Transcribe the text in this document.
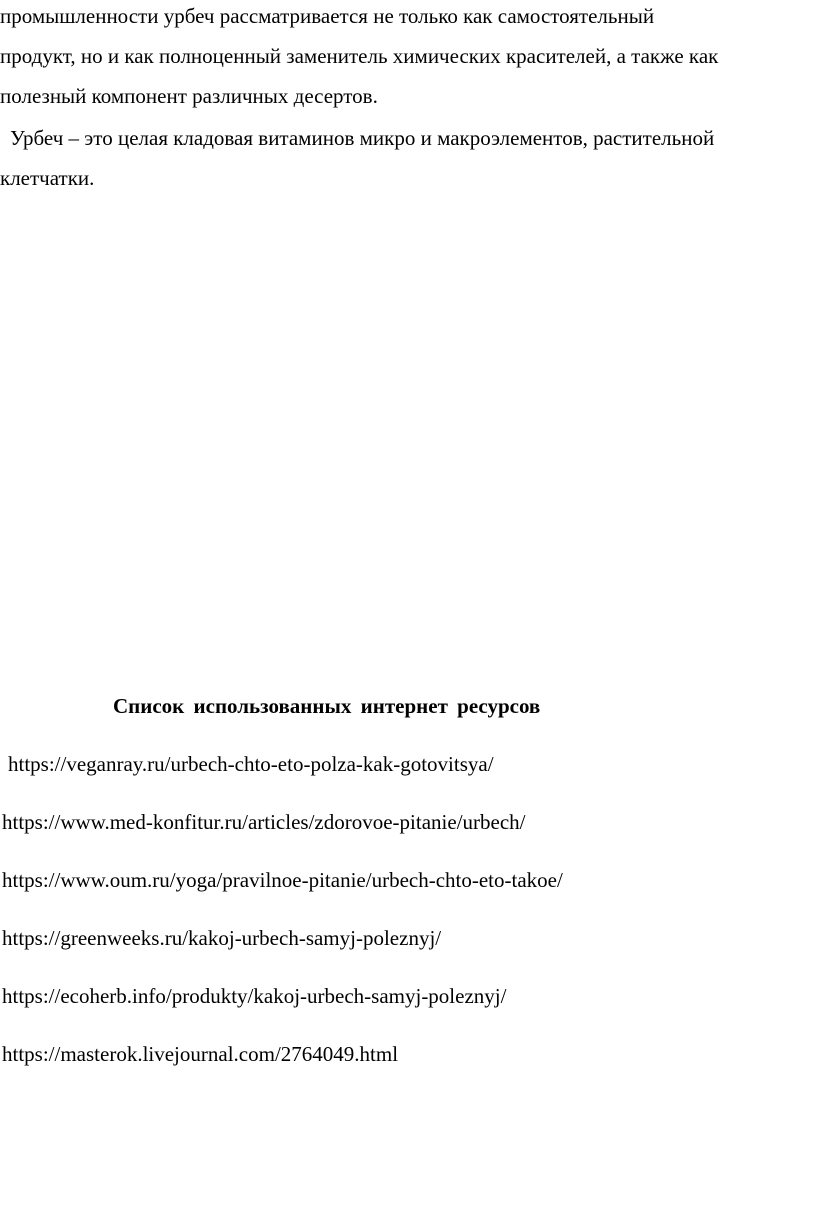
промышленности урбеч рассматривается не только как самостоятельный
продукт, но и как полноценный заменитель химических красителей, а также как
полезный компонент различных десертов.
Урбеч – это целая кладовая витаминов микро и макроэлементов, растительной
клетчатки.
Список использованных интернет ресурсов
https://veganray.ru/urbech-chto-eto-polza-kak-gotovitsya/
https://www.med-konfitur.ru/articles/zdorovoe-pitanie/urbech/
https://www.oum.ru/yoga/pravilnoe-pitanie/urbech-chto-eto-takoe/
https://greenweeks.ru/kakoj-urbech-samyj-poleznyj/
https://ecoherb.info/produkty/kakoj-urbech-samyj-poleznyj/
https://masterok.livejournal.com/2764049.html
